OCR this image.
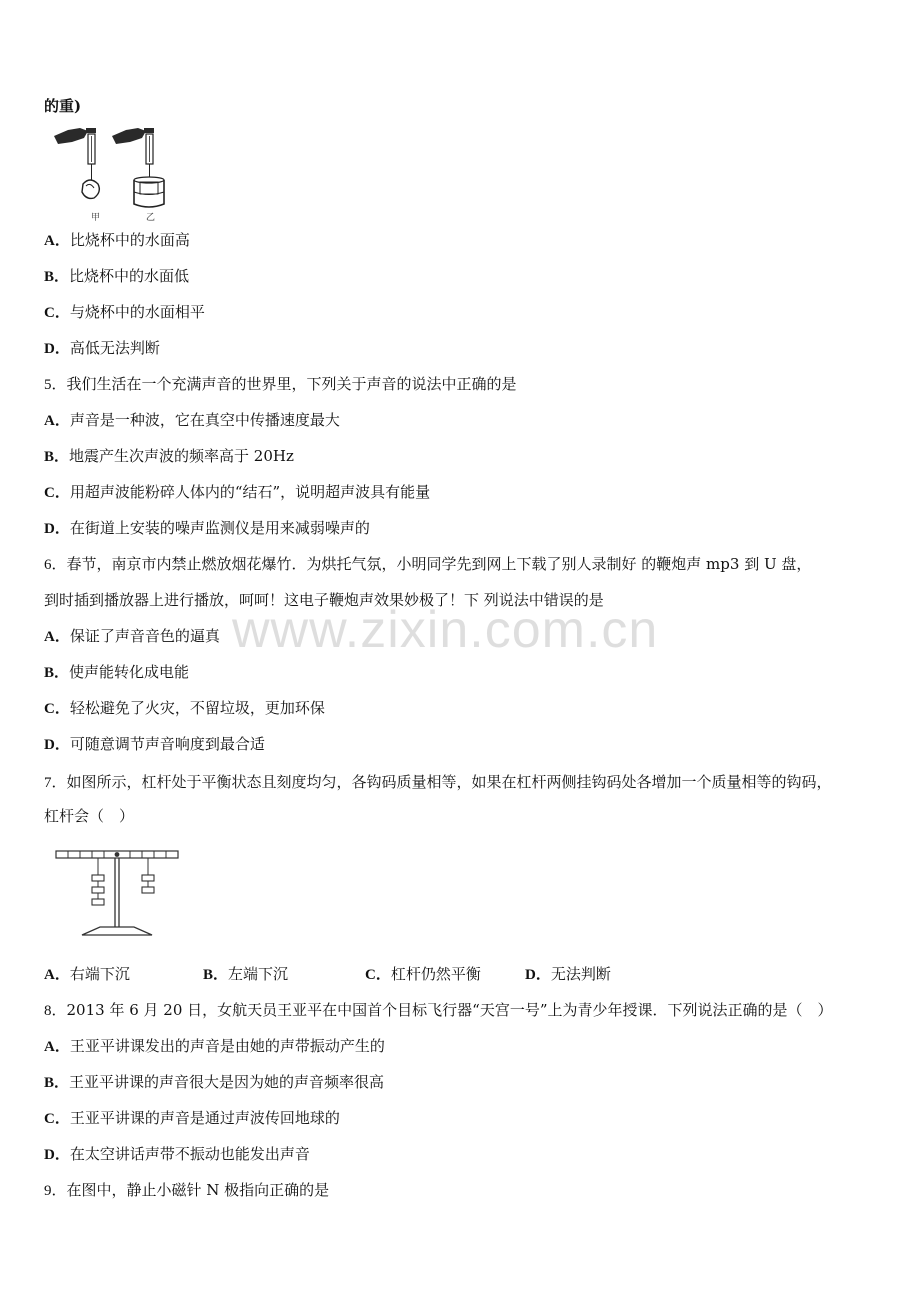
的重)
甲	乙
A．比烧杯中的水面高
B．比烧杯中的水面低
C．与烧杯中的水面相平
D．高低无法判断
5．我们生活在一个充满声音的世界里，下列关于声音的说法中正确的是
A．声音是一种波，它在真空中传播速度最大
B．地震产生次声波的频率高于 20Hz
C．用超声波能粉碎人体内的“结石”，说明超声波具有能量
D．在街道上安装的噪声监测仪是用来减弱噪声的
6．春节，南京市内禁止燃放烟花爆竹．为烘托气氛，小明同学先到网上下载了别人录制好 的鞭炮声 mp3 到 U 盘，
到时插到播放器上进行播放，呵呵！这电子鞭炮声效果妙极了！下 列说法中错误的是
A．保证了声音音色的逼真
B．使声能转化成电能
C．轻松避免了火灾，不留垃圾，更加环保
D．可随意调节声音响度到最合适
www.zixin.com.cn
7．如图所示，杠杆处于平衡状态且刻度均匀，各钩码质量相等，如果在杠杆两侧挂钩码处各增加一个质量相等的钩码，
杠杆会（　）
A．右端下沉	B．左端下沉	C．杠杆仍然平衡	D．无法判断
8．2013 年 6 月 20 日，女航天员王亚平在中国首个目标飞行器“天宫一号”上为青少年授课．下列说法正确的是（　）
A．王亚平讲课发出的声音是由她的声带振动产生的
B．王亚平讲课的声音很大是因为她的声音频率很高
C．王亚平讲课的声音是通过声波传回地球的
D．在太空讲话声带不振动也能发出声音
9．在图中，静止小磁针 N 极指向正确的是
